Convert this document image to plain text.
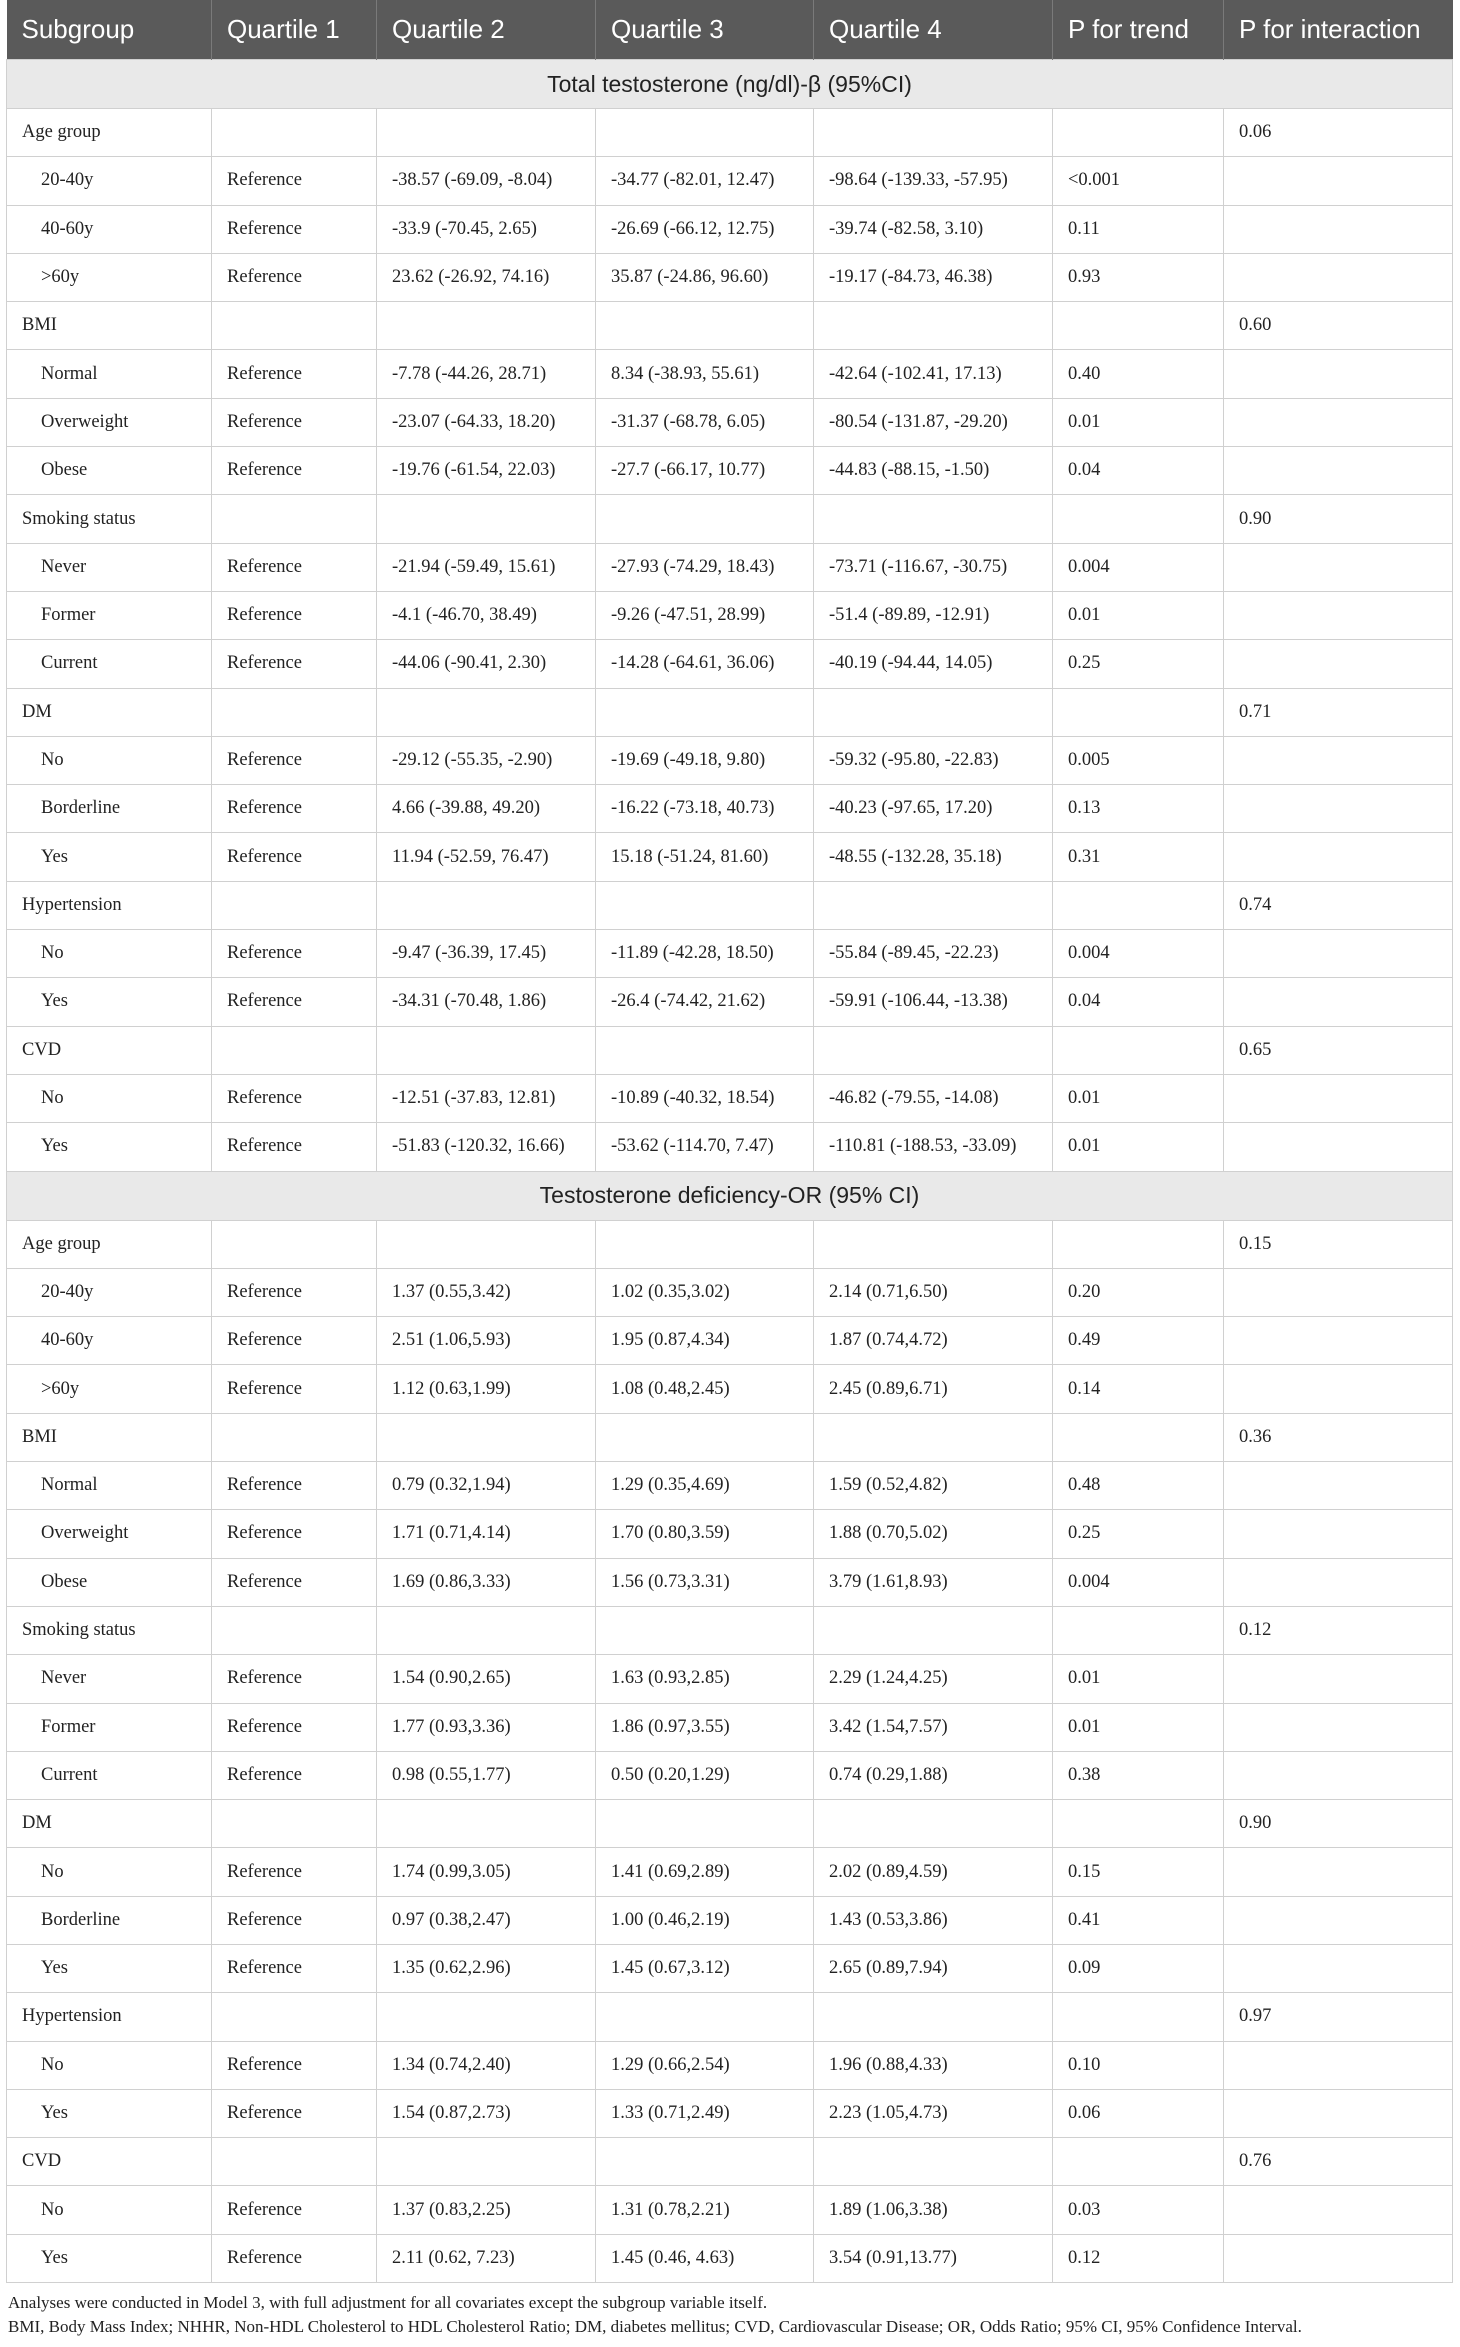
Subgroup	Quartile 1	Quartile 2	Quartile 3	Quartile 4	P for trend	P for interaction
Total testosterone (ng/dl)-β (95%CI)						
Age group						0.06
20-40y	Reference	-38.57 (-69.09, -8.04)	-34.77 (-82.01, 12.47)	-98.64 (-139.33, -57.95)	<0.001	
40-60y	Reference	-33.9 (-70.45, 2.65)	-26.69 (-66.12, 12.75)	-39.74 (-82.58, 3.10)	0.11	
>60y	Reference	23.62 (-26.92, 74.16)	35.87 (-24.86, 96.60)	-19.17 (-84.73, 46.38)	0.93	
BMI						0.60
Normal	Reference	-7.78 (-44.26, 28.71)	8.34 (-38.93, 55.61)	-42.64 (-102.41, 17.13)	0.40	
Overweight	Reference	-23.07 (-64.33, 18.20)	-31.37 (-68.78, 6.05)	-80.54 (-131.87, -29.20)	0.01	
Obese	Reference	-19.76 (-61.54, 22.03)	-27.7 (-66.17, 10.77)	-44.83 (-88.15, -1.50)	0.04	
Smoking status						0.90
Never	Reference	-21.94 (-59.49, 15.61)	-27.93 (-74.29, 18.43)	-73.71 (-116.67, -30.75)	0.004	
Former	Reference	-4.1 (-46.70, 38.49)	-9.26 (-47.51, 28.99)	-51.4 (-89.89, -12.91)	0.01	
Current	Reference	-44.06 (-90.41, 2.30)	-14.28 (-64.61, 36.06)	-40.19 (-94.44, 14.05)	0.25	
DM						0.71
No	Reference	-29.12 (-55.35, -2.90)	-19.69 (-49.18, 9.80)	-59.32 (-95.80, -22.83)	0.005	
Borderline	Reference	4.66 (-39.88, 49.20)	-16.22 (-73.18, 40.73)	-40.23 (-97.65, 17.20)	0.13	
Yes	Reference	11.94 (-52.59, 76.47)	15.18 (-51.24, 81.60)	-48.55 (-132.28, 35.18)	0.31	
Hypertension						0.74
No	Reference	-9.47 (-36.39, 17.45)	-11.89 (-42.28, 18.50)	-55.84 (-89.45, -22.23)	0.004	
Yes	Reference	-34.31 (-70.48, 1.86)	-26.4 (-74.42, 21.62)	-59.91 (-106.44, -13.38)	0.04	
CVD						0.65
No	Reference	-12.51 (-37.83, 12.81)	-10.89 (-40.32, 18.54)	-46.82 (-79.55, -14.08)	0.01	
Yes	Reference	-51.83 (-120.32, 16.66)	-53.62 (-114.70, 7.47)	-110.81 (-188.53, -33.09)	0.01	
Testosterone deficiency-OR (95% CI)						
Age group						0.15
20-40y	Reference	1.37 (0.55,3.42)	1.02 (0.35,3.02)	2.14 (0.71,6.50)	0.20	
40-60y	Reference	2.51 (1.06,5.93)	1.95 (0.87,4.34)	1.87 (0.74,4.72)	0.49	
>60y	Reference	1.12 (0.63,1.99)	1.08 (0.48,2.45)	2.45 (0.89,6.71)	0.14	
BMI						0.36
Normal	Reference	0.79 (0.32,1.94)	1.29 (0.35,4.69)	1.59 (0.52,4.82)	0.48	
Overweight	Reference	1.71 (0.71,4.14)	1.70 (0.80,3.59)	1.88 (0.70,5.02)	0.25	
Obese	Reference	1.69 (0.86,3.33)	1.56 (0.73,3.31)	3.79 (1.61,8.93)	0.004	
Smoking status						0.12
Never	Reference	1.54 (0.90,2.65)	1.63 (0.93,2.85)	2.29 (1.24,4.25)	0.01	
Former	Reference	1.77 (0.93,3.36)	1.86 (0.97,3.55)	3.42 (1.54,7.57)	0.01	
Current	Reference	0.98 (0.55,1.77)	0.50 (0.20,1.29)	0.74 (0.29,1.88)	0.38	
DM						0.90
No	Reference	1.74 (0.99,3.05)	1.41 (0.69,2.89)	2.02 (0.89,4.59)	0.15	
Borderline	Reference	0.97 (0.38,2.47)	1.00 (0.46,2.19)	1.43 (0.53,3.86)	0.41	
Yes	Reference	1.35 (0.62,2.96)	1.45 (0.67,3.12)	2.65 (0.89,7.94)	0.09	
Hypertension						0.97
No	Reference	1.34 (0.74,2.40)	1.29 (0.66,2.54)	1.96 (0.88,4.33)	0.10	
Yes	Reference	1.54 (0.87,2.73)	1.33 (0.71,2.49)	2.23 (1.05,4.73)	0.06	
CVD						0.76
No	Reference	1.37 (0.83,2.25)	1.31 (0.78,2.21)	1.89 (1.06,3.38)	0.03	
Yes	Reference	2.11 (0.62, 7.23)	1.45 (0.46, 4.63)	3.54 (0.91,13.77)	0.12	
Analyses were conducted in Model 3, with full adjustment for all covariates except the subgroup variable itself.
BMI, Body Mass Index; NHHR, Non-HDL Cholesterol to HDL Cholesterol Ratio; DM, diabetes mellitus; CVD, Cardiovascular Disease; OR, Odds Ratio; 95% CI, 95% Confidence Interval.
